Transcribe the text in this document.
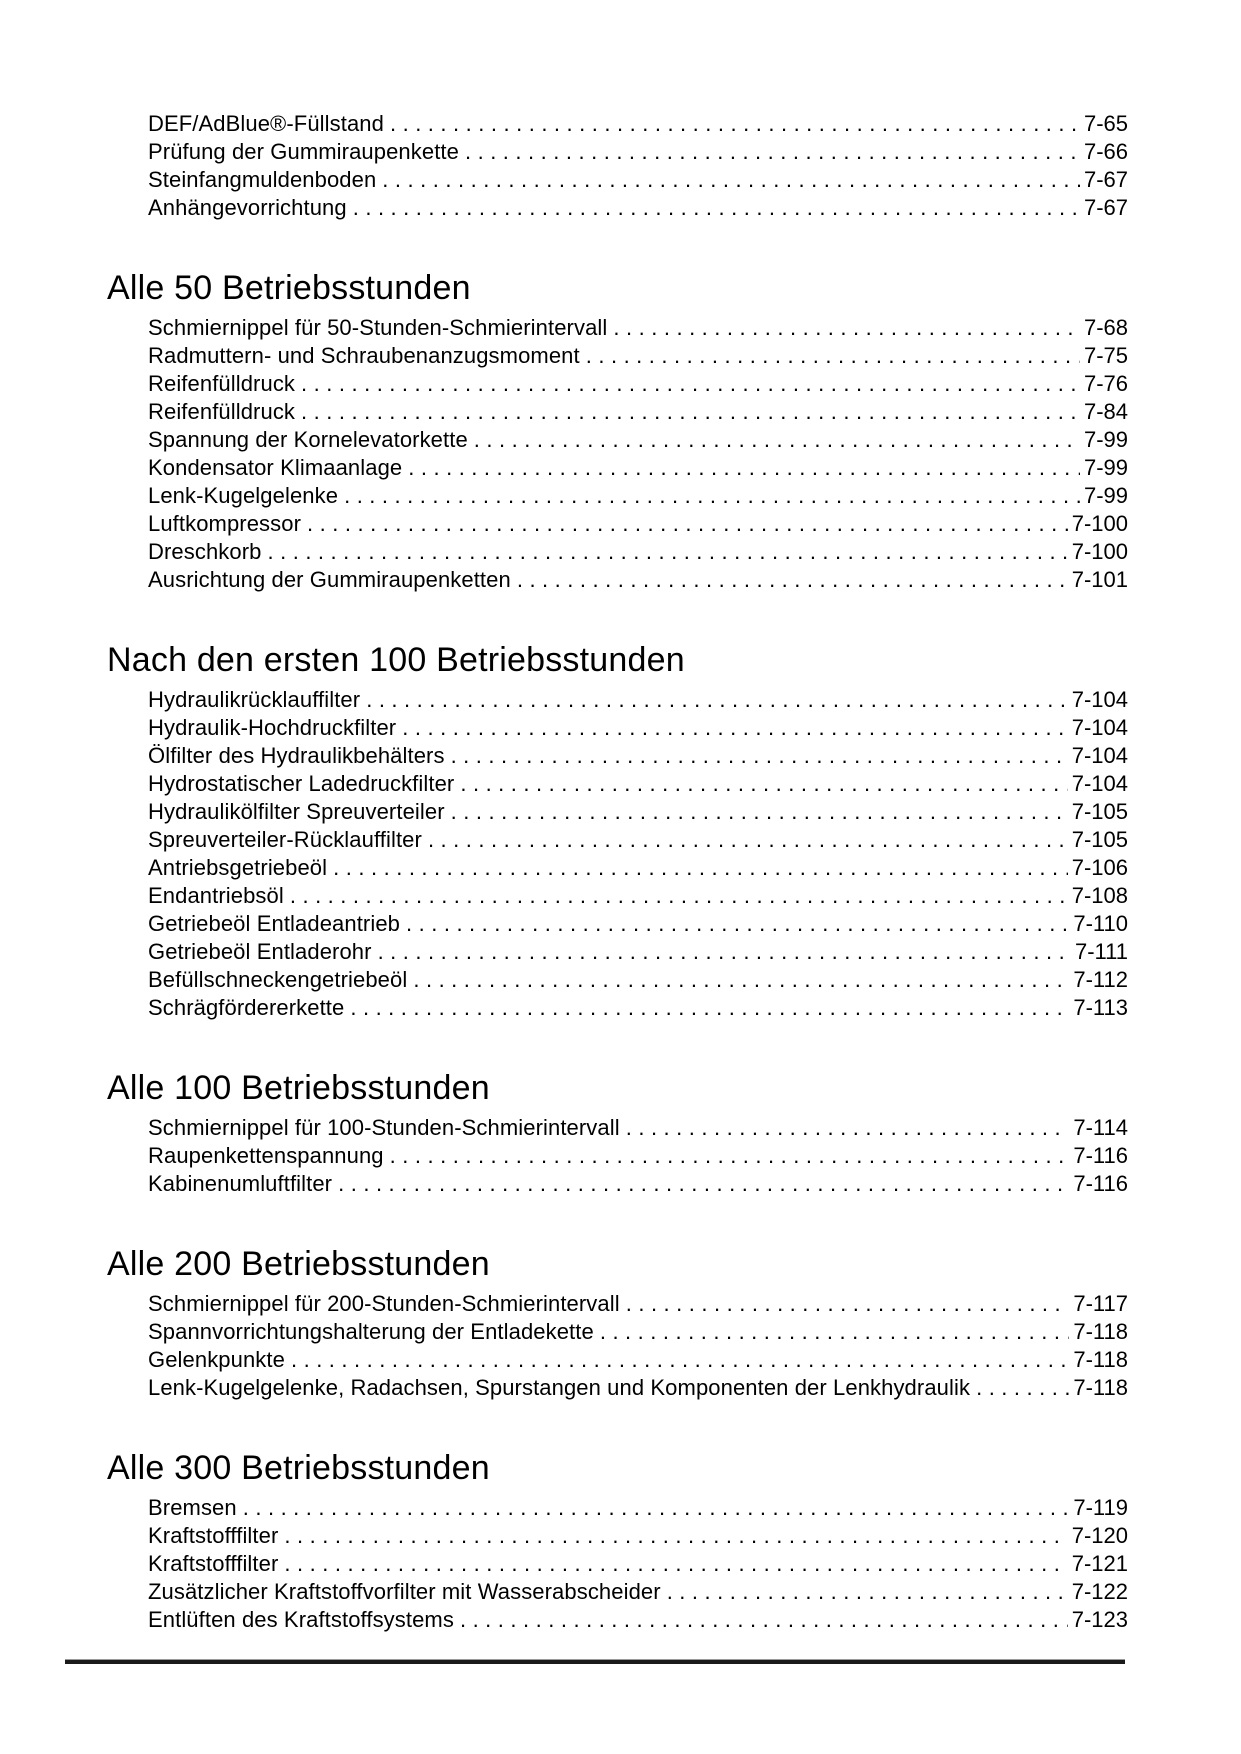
DEF/AdBlue®-Füllstand .....	7-65
Prüfung der Gummiraupenkette .....	7-66
Steinfangmuldenboden .....	7-67
Anhängevorrichtung .....	7-67
Alle 50 Betriebsstunden
Schmiernippel für 50-Stunden-Schmierintervall .....	7-68
Radmuttern- und Schraubenanzugsmoment .....	7-75
Reifenfülldruck .....	7-76
Reifenfülldruck .....	7-84
Spannung der Kornelevatorkette .....	7-99
Kondensator Klimaanlage .....	7-99
Lenk-Kugelgelenke .....	7-99
Luftkompressor .....	7-100
Dreschkorb .....	7-100
Ausrichtung der Gummiraupenketten .....	7-101
Nach den ersten 100 Betriebsstunden
Hydraulikrücklauffilter .....	7-104
Hydraulik-Hochdruckfilter .....	7-104
Ölfilter des Hydraulikbehälters .....	7-104
Hydrostatischer Ladedruckfilter .....	7-104
Hydraulikölfilter Spreuverteiler .....	7-105
Spreuverteiler-Rücklauffilter .....	7-105
Antriebsgetriebeöl .....	7-106
Endantriebsöl .....	7-108
Getriebeöl Entladeantrieb .....	7-110
Getriebeöl Entladerohr .....	7-111
Befüllschneckengetriebeöl .....	7-112
Schrägfördererkette .....	7-113
Alle 100 Betriebsstunden
Schmiernippel für 100-Stunden-Schmierintervall .....	7-114
Raupenkettenspannung .....	7-116
Kabinenumluftfilter .....	7-116
Alle 200 Betriebsstunden
Schmiernippel für 200-Stunden-Schmierintervall .....	7-117
Spannvorrichtungshalterung der Entladekette .....	7-118
Gelenkpunkte .....	7-118
Lenk-Kugelgelenke, Radachsen, Spurstangen und Komponenten der Lenkhydraulik .....	7-118
Alle 300 Betriebsstunden
Bremsen .....	7-119
Kraftstofffilter .....	7-120
Kraftstofffilter .....	7-121
Zusätzlicher Kraftstoffvorfilter mit Wasserabscheider .....	7-122
Entlüften des Kraftstoffsystems .....	7-123
